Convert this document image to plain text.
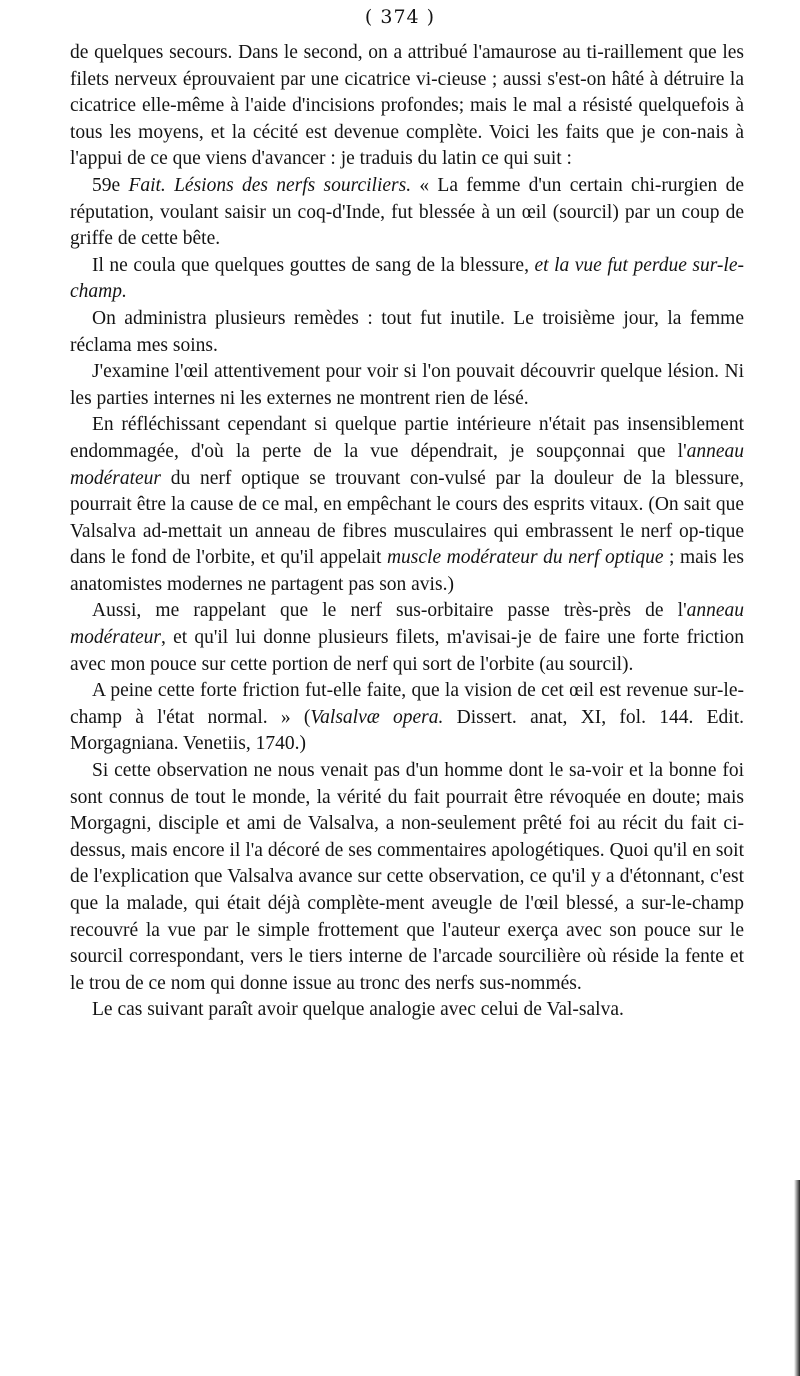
( 374 )

de quelques secours. Dans le second, on a attribué l'amaurose au ti-raillement que les filets nerveux éprouvaient par une cicatrice vi-cieuse ; aussi s'est-on hâté à détruire la cicatrice elle-même à l'aide d'incisions profondes; mais le mal a résisté quelquefois à tous les moyens, et la cécité est devenue complète. Voici les faits que je con-nais à l'appui de ce que viens d'avancer : je traduis du latin ce qui suit :

59e Fait. Lésions des nerfs sourciliers. « La femme d'un certain chi-rurgien de réputation, voulant saisir un coq-d'Inde, fut blessée à un œil (sourcil) par un coup de griffe de cette bête.

Il ne coula que quelques gouttes de sang de la blessure, et la vue fut perdue sur-le-champ.

On administra plusieurs remèdes : tout fut inutile. Le troisième jour, la femme réclama mes soins.

J'examine l'œil attentivement pour voir si l'on pouvait découvrir quelque lésion. Ni les parties internes ni les externes ne montrent rien de lésé.

En réfléchissant cependant si quelque partie intérieure n'était pas insensiblement endommagée, d'où la perte de la vue dépendrait, je soupçonnai que l'anneau modérateur du nerf optique se trouvant con-vulsé par la douleur de la blessure, pourrait être la cause de ce mal, en empêchant le cours des esprits vitaux. (On sait que Valsalva ad-mettait un anneau de fibres musculaires qui embrassent le nerf op-tique dans le fond de l'orbite, et qu'il appelait muscle modérateur du nerf optique ; mais les anatomistes modernes ne partagent pas son avis.)

Aussi, me rappelant que le nerf sus-orbitaire passe très-près de l'anneau modérateur, et qu'il lui donne plusieurs filets, m'avisai-je de faire une forte friction avec mon pouce sur cette portion de nerf qui sort de l'orbite (au sourcil).

A peine cette forte friction fut-elle faite, que la vision de cet œil est revenue sur-le-champ à l'état normal. » (Valsalvæ opera. Dissert. anat, XI, fol. 144. Edit. Morgagniana. Venetiis, 1740.)

Si cette observation ne nous venait pas d'un homme dont le sa-voir et la bonne foi sont connus de tout le monde, la vérité du fait pourrait être révoquée en doute; mais Morgagni, disciple et ami de Valsalva, a non-seulement prêté foi au récit du fait ci-dessus, mais encore il l'a décoré de ses commentaires apologétiques. Quoi qu'il en soit de l'explication que Valsalva avance sur cette observation, ce qu'il y a d'étonnant, c'est que la malade, qui était déjà complète-ment aveugle de l'œil blessé, a sur-le-champ recouvré la vue par le simple frottement que l'auteur exerça avec son pouce sur le sourcil correspondant, vers le tiers interne de l'arcade sourcilière où réside la fente et le trou de ce nom qui donne issue au tronc des nerfs sus-nommés.

Le cas suivant paraît avoir quelque analogie avec celui de Val-salva.
